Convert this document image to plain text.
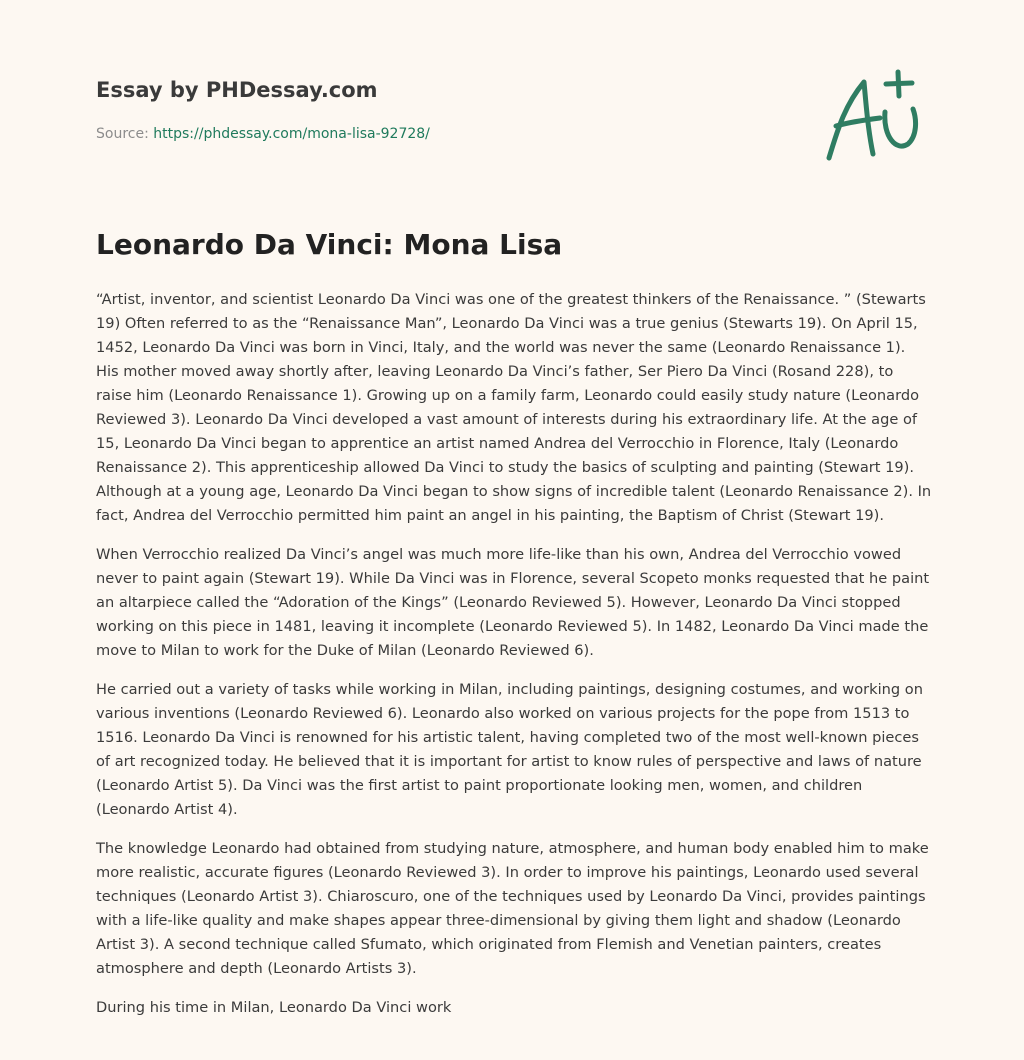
Essay by PHDessay.com
Source: https://phdessay.com/mona-lisa-92728/
Leonardo Da Vinci: Mona Lisa

“Artist, inventor, and scientist Leonardo Da Vinci was one of the greatest thinkers of the Renaissance. ” (Stewarts 19) Often referred to as the “Renaissance Man”, Leonardo Da Vinci was a true genius (Stewarts 19). On April 15, 1452, Leonardo Da Vinci was born in Vinci, Italy, and the world was never the same (Leonardo Renaissance 1). His mother moved away shortly after, leaving Leonardo Da Vinci’s father, Ser Piero Da Vinci (Rosand 228), to raise him (Leonardo Renaissance 1). Growing up on a family farm, Leonardo could easily study nature (Leonardo Reviewed 3). Leonardo Da Vinci developed a vast amount of interests during his extraordinary life. At the age of 15, Leonardo Da Vinci began to apprentice an artist named Andrea del Verrocchio in Florence, Italy (Leonardo Renaissance 2). This apprenticeship allowed Da Vinci to study the basics of sculpting and painting (Stewart 19). Although at a young age, Leonardo Da Vinci began to show signs of incredible talent (Leonardo Renaissance 2). In fact, Andrea del Verrocchio permitted him paint an angel in his painting, the Baptism of Christ (Stewart 19).

When Verrocchio realized Da Vinci’s angel was much more life-like than his own, Andrea del Verrocchio vowed never to paint again (Stewart 19). While Da Vinci was in Florence, several Scopeto monks requested that he paint an altarpiece called the “Adoration of the Kings” (Leonardo Reviewed 5). However, Leonardo Da Vinci stopped working on this piece in 1481, leaving it incomplete (Leonardo Reviewed 5). In 1482, Leonardo Da Vinci made the move to Milan to work for the Duke of Milan (Leonardo Reviewed 6).

He carried out a variety of tasks while working in Milan, including paintings, designing costumes, and working on various inventions (Leonardo Reviewed 6). Leonardo also worked on various projects for the pope from 1513 to 1516. Leonardo Da Vinci is renowned for his artistic talent, having completed two of the most well-known pieces of art recognized today. He believed that it is important for artist to know rules of perspective and laws of nature (Leonardo Artist 5). Da Vinci was the first artist to paint proportionate looking men, women, and children (Leonardo Artist 4).

The knowledge Leonardo had obtained from studying nature, atmosphere, and human body enabled him to make more realistic, accurate figures (Leonardo Reviewed 3). In order to improve his paintings, Leonardo used several techniques (Leonardo Artist 3). Chiaroscuro, one of the techniques used by Leonardo Da Vinci, provides paintings with a life-like quality and make shapes appear three-dimensional by giving them light and shadow (Leonardo Artist 3). A second technique called Sfumato, which originated from Flemish and Venetian painters, creates atmosphere and depth (Leonardo Artists 3).

During his time in Milan, Leonardo Da Vinci work
